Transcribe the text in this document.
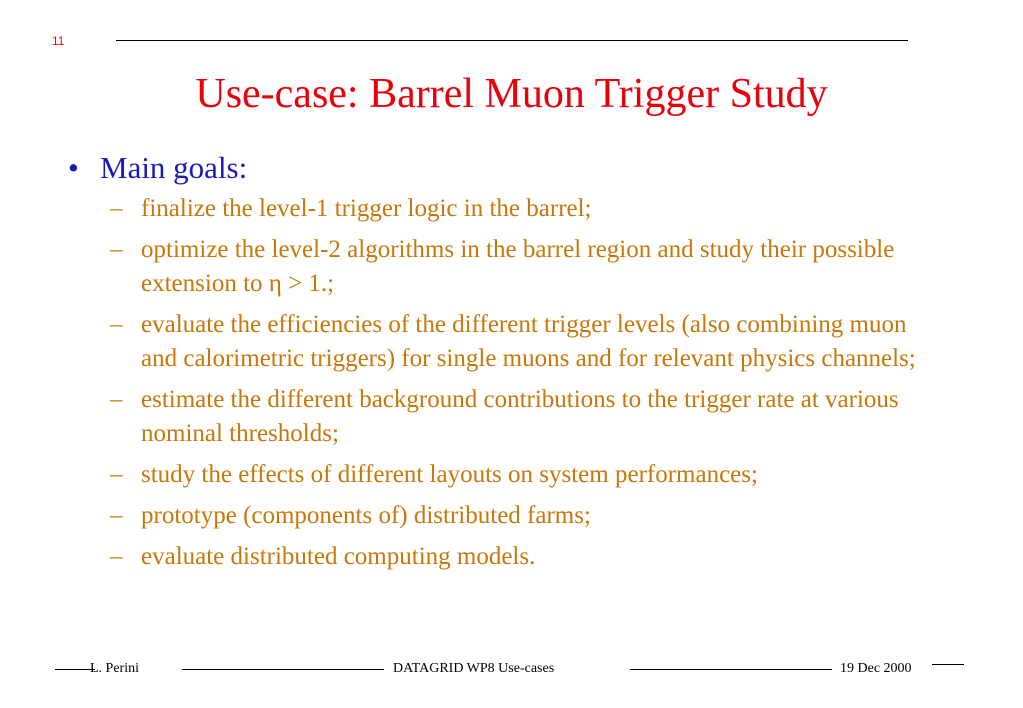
11
Use-case: Barrel Muon Trigger Study
• Main goals:
– finalize the level-1 trigger logic in the barrel;
– optimize the level-2 algorithms in the barrel region and study their possible extension to η > 1.;
– evaluate the efficiencies of the different trigger levels (also combining muon and calorimetric triggers) for single muons and for relevant physics channels;
– estimate the different background contributions to the trigger rate at various nominal thresholds;
– study the effects of different layouts on system performances;
– prototype (components of) distributed farms;
– evaluate distributed computing models.
L. Perini	DATAGRID WP8 Use-cases	19 Dec 2000
